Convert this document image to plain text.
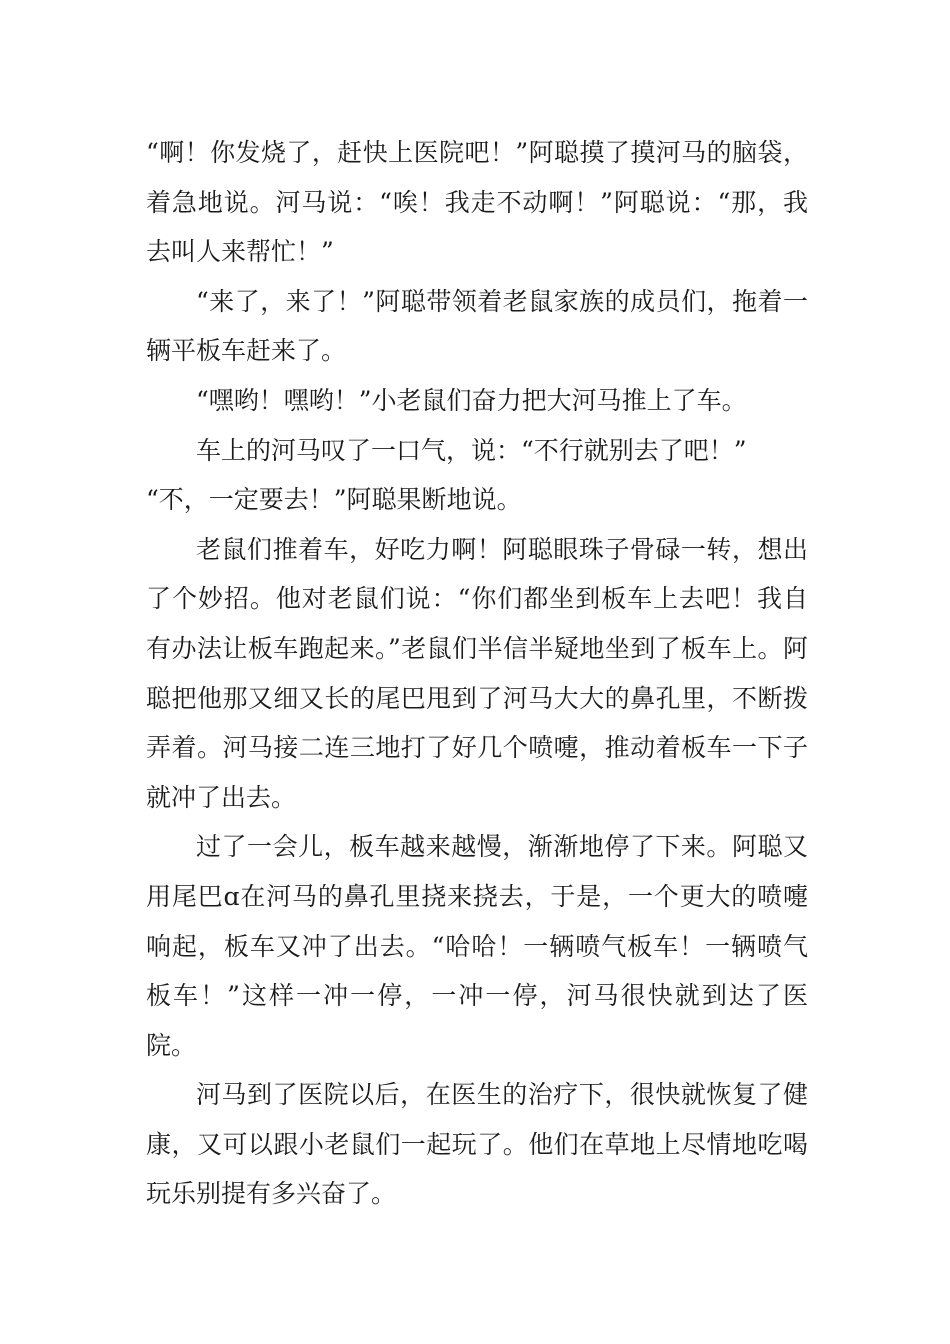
“啊！你发烧了，赶快上医院吧！”阿聪摸了摸河马的脑袋，着急地说。河马说：“唉！我走不动啊！”阿聪说：“那，我去叫人来帮忙！”

“来了，来了！”阿聪带领着老鼠家族的成员们，拖着一辆平板车赶来了。

“嘿哟！嘿哟！”小老鼠们奋力把大河马推上了车。

车上的河马叹了一口气，说：“不行就别去了吧！”

“不，一定要去！”阿聪果断地说。

老鼠们推着车，好吃力啊！阿聪眼珠子骨碌一转，想出了个妙招。他对老鼠们说：“你们都坐到板车上去吧！我自有办法让板车跑起来。”老鼠们半信半疑地坐到了板车上。阿聪把他那又细又长的尾巴甩到了河马大大的鼻孔里，不断拨弄着。河马接二连三地打了好几个喷嚏，推动着板车一下子就冲了出去。

过了一会儿，板车越来越慢，渐渐地停了下来。阿聪又用尾巴ɑ在河马的鼻孔里挠来挠去，于是，一个更大的喷嚏响起，板车又冲了出去。“哈哈！一辆喷气板车！一辆喷气板车！”这样一冲一停，一冲一停，河马很快就到达了医院。

河马到了医院以后，在医生的治疗下，很快就恢复了健康，又可以跟小老鼠们一起玩了。他们在草地上尽情地吃喝玩乐别提有多兴奋了。
